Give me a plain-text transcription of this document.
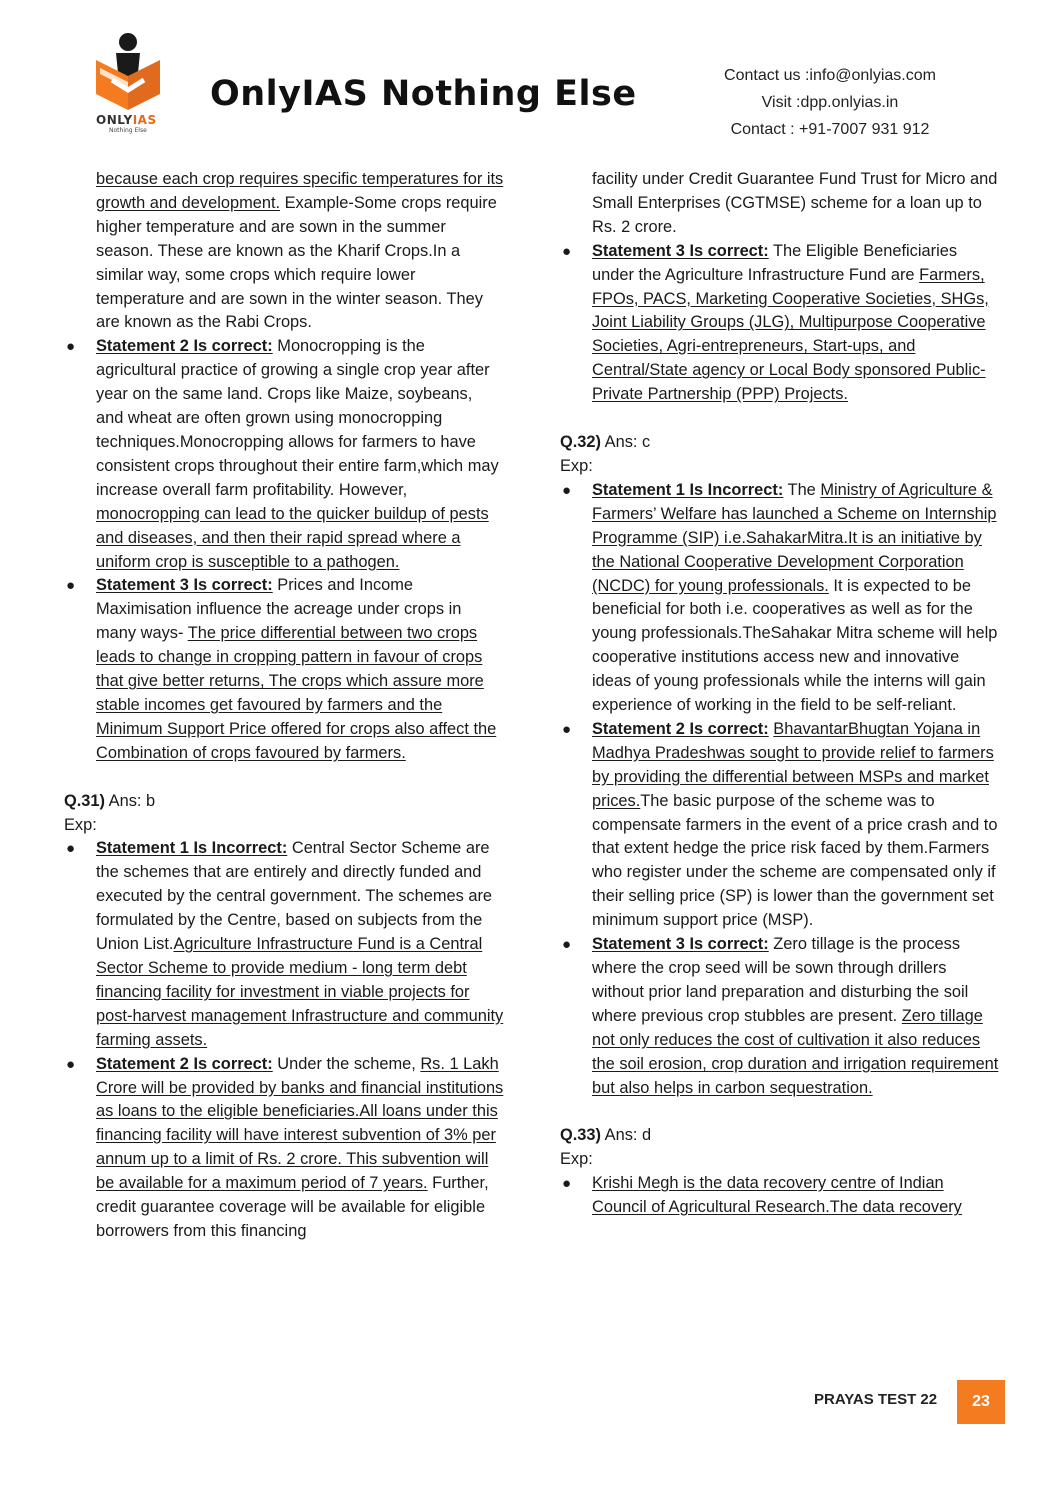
ONLYIAS
Nothing Else
OnlyIAS Nothing Else	Contact us :info@onlyias.com
Visit :dpp.onlyias.in
Contact : +91-7007 931 912
because each crop requires specific temperatures for its growth and development. Example-Some crops require higher temperature and are sown in the summer season. These are known as the Kharif Crops.In a similar way, some crops which require lower temperature and are sown in the winter season. They are known as the Rabi Crops.
● Statement 2 Is correct: Monocropping is the agricultural practice of growing a single crop year after year on the same land. Crops like Maize, soybeans, and wheat are often grown using monocropping techniques.Monocropping allows for farmers to have consistent crops throughout their entire farm,which may increase overall farm profitability. However, monocropping can lead to the quicker buildup of pests and diseases, and then their rapid spread where a uniform crop is susceptible to a pathogen.
● Statement 3 Is correct: Prices and Income Maximisation influence the acreage under crops in many ways- The price differential between two crops leads to change in cropping pattern in favour of crops that give better returns, The crops which assure more stable incomes get favoured by farmers and the Minimum Support Price offered for crops also affect the Combination of crops favoured by farmers.
Q.31) Ans: b
Exp:
● Statement 1 Is Incorrect: Central Sector Scheme are the schemes that are entirely and directly funded and executed by the central government. The schemes are formulated by the Centre, based on subjects from the Union List.Agriculture Infrastructure Fund is a Central Sector Scheme to provide medium - long term debt financing facility for investment in viable projects for post-harvest management Infrastructure and community farming assets.
● Statement 2 Is correct: Under the scheme, Rs. 1 Lakh Crore will be provided by banks and financial institutions as loans to the eligible beneficiaries.All loans under this financing facility will have interest subvention of 3% per annum up to a limit of Rs. 2 crore. This subvention will be available for a maximum period of 7 years. Further, credit guarantee coverage will be available for eligible borrowers from this financing
facility under Credit Guarantee Fund Trust for Micro and Small Enterprises (CGTMSE) scheme for a loan up to Rs. 2 crore.
● Statement 3 Is correct: The Eligible Beneficiaries under the Agriculture Infrastructure Fund are Farmers, FPOs, PACS, Marketing Cooperative Societies, SHGs, Joint Liability Groups (JLG), Multipurpose Cooperative Societies, Agri-entrepreneurs, Start-ups, and Central/State agency or Local Body sponsored Public-Private Partnership (PPP) Projects.
Q.32) Ans: c
Exp:
● Statement 1 Is Incorrect: The Ministry of Agriculture & Farmers’ Welfare has launched a Scheme on Internship Programme (SIP) i.e.SahakarMitra.It is an initiative by the National Cooperative Development Corporation (NCDC) for young professionals. It is expected to be beneficial for both i.e. cooperatives as well as for the young professionals.TheSahakar Mitra scheme will help cooperative institutions access new and innovative ideas of young professionals while the interns will gain experience of working in the field to be self-reliant.
● Statement 2 Is correct: BhavantarBhugtan Yojana in Madhya Pradeshwas sought to provide relief to farmers by providing the differential between MSPs and market prices.The basic purpose of the scheme was to compensate farmers in the event of a price crash and to that extent hedge the price risk faced by them.Farmers who register under the scheme are compensated only if their selling price (SP) is lower than the government set minimum support price (MSP).
● Statement 3 Is correct: Zero tillage is the process where the crop seed will be sown through drillers without prior land preparation and disturbing the soil where previous crop stubbles are present. Zero tillage not only reduces the cost of cultivation it also reduces the soil erosion, crop duration and irrigation requirement but also helps in carbon sequestration.
Q.33) Ans: d
Exp:
● Krishi Megh is the data recovery centre of Indian Council of Agricultural Research.The data recovery
PRAYAS TEST 22	23
